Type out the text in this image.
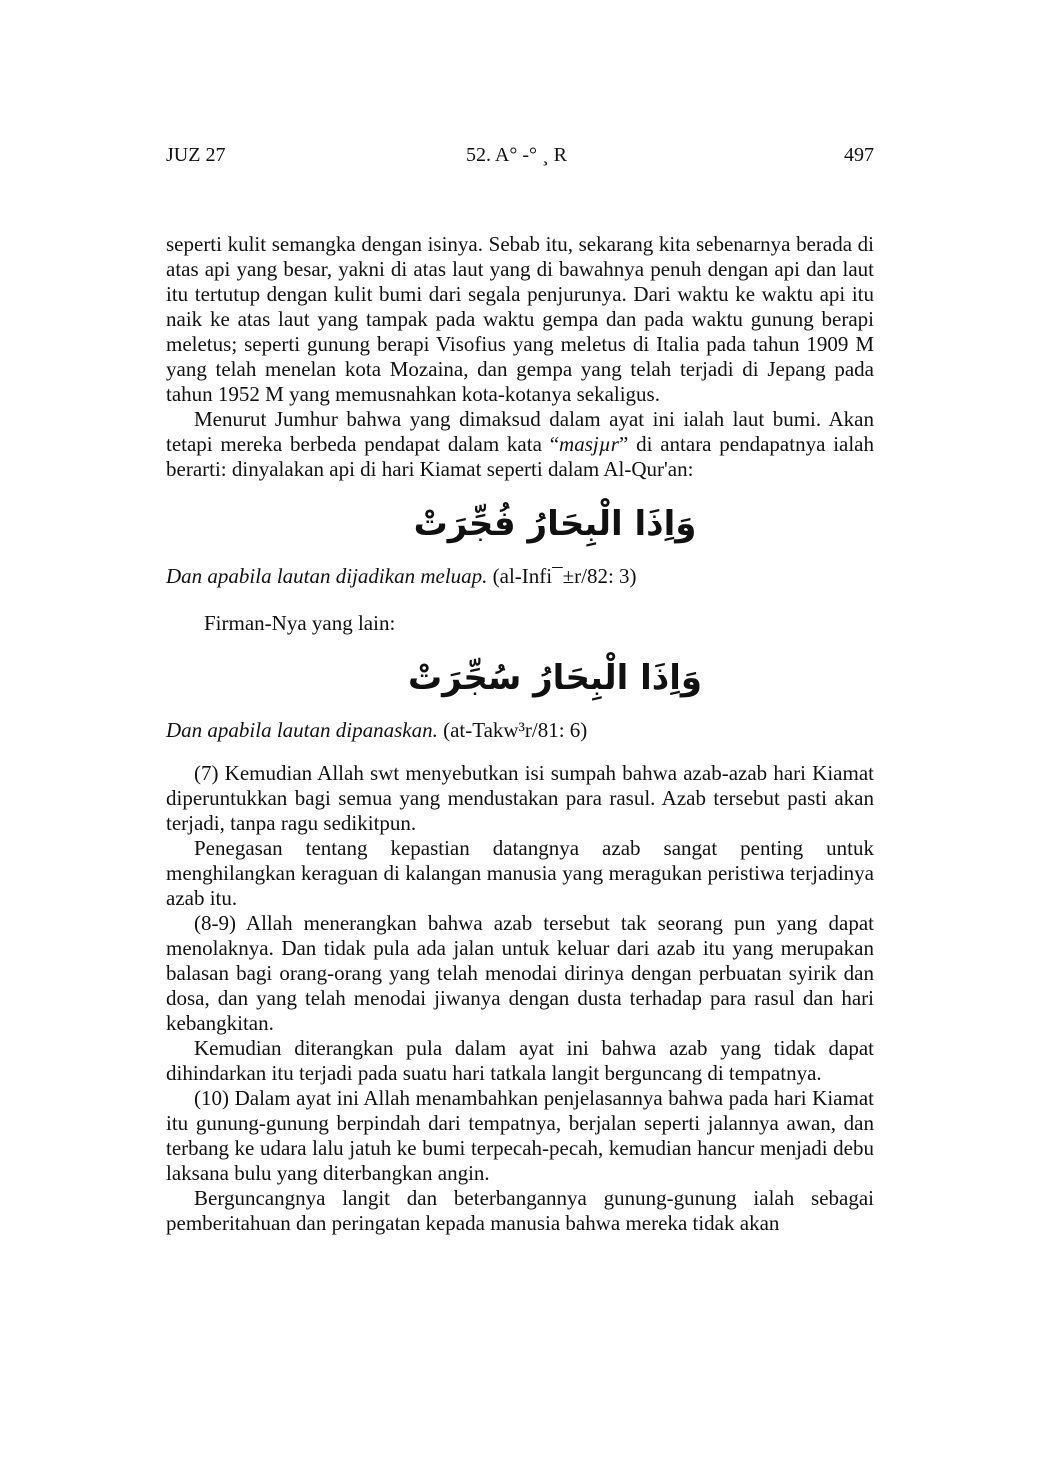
JUZ 27	52. A° -° ¸ R	497

seperti kulit semangka dengan isinya. Sebab itu, sekarang kita sebenarnya berada di atas api yang besar, yakni di atas laut yang di bawahnya penuh dengan api dan laut itu tertutup dengan kulit bumi dari segala penjurunya. Dari waktu ke waktu api itu naik ke atas laut yang tampak pada waktu gempa dan pada waktu gunung berapi meletus; seperti gunung berapi Visofius yang meletus di Italia pada tahun 1909 M yang telah menelan kota Mozaina, dan gempa yang telah terjadi di Jepang pada tahun 1952 M yang memusnahkan kota-kotanya sekaligus.

Menurut Jumhur bahwa yang dimaksud dalam ayat ini ialah laut bumi. Akan tetapi mereka berbeda pendapat dalam kata “masjµr” di antara pendapatnya ialah berarti: dinyalakan api di hari Kiamat seperti dalam Al-Qur'an:

وَاِذَا الْبِحَارُ فُجِّرَتْ

Dan apabila lautan dijadikan meluap. (al-Infi¯±r/82: 3)

Firman-Nya yang lain:

وَاِذَا الْبِحَارُ سُجِّرَتْ

Dan apabila lautan dipanaskan. (at-Takw³r/81: 6)

(7) Kemudian Allah swt menyebutkan isi sumpah bahwa azab-azab hari Kiamat diperuntukkan bagi semua yang mendustakan para rasul. Azab tersebut pasti akan terjadi, tanpa ragu sedikitpun.

Penegasan tentang kepastian datangnya azab sangat penting untuk menghilangkan keraguan di kalangan manusia yang meragukan peristiwa terjadinya azab itu.

(8-9) Allah menerangkan bahwa azab tersebut tak seorang pun yang dapat menolaknya. Dan tidak pula ada jalan untuk keluar dari azab itu yang merupakan balasan bagi orang-orang yang telah menodai dirinya dengan perbuatan syirik dan dosa, dan yang telah menodai jiwanya dengan dusta terhadap para rasul dan hari kebangkitan.

Kemudian diterangkan pula dalam ayat ini bahwa azab yang tidak dapat dihindarkan itu terjadi pada suatu hari tatkala langit berguncang di tempatnya.

(10) Dalam ayat ini Allah menambahkan penjelasannya bahwa pada hari Kiamat itu gunung-gunung berpindah dari tempatnya, berjalan seperti jalannya awan, dan terbang ke udara lalu jatuh ke bumi terpecah-pecah, kemudian hancur menjadi debu laksana bulu yang diterbangkan angin.

Berguncangnya langit dan beterbangannya gunung-gunung ialah sebagai pemberitahuan dan peringatan kepada manusia bahwa mereka tidak akan
